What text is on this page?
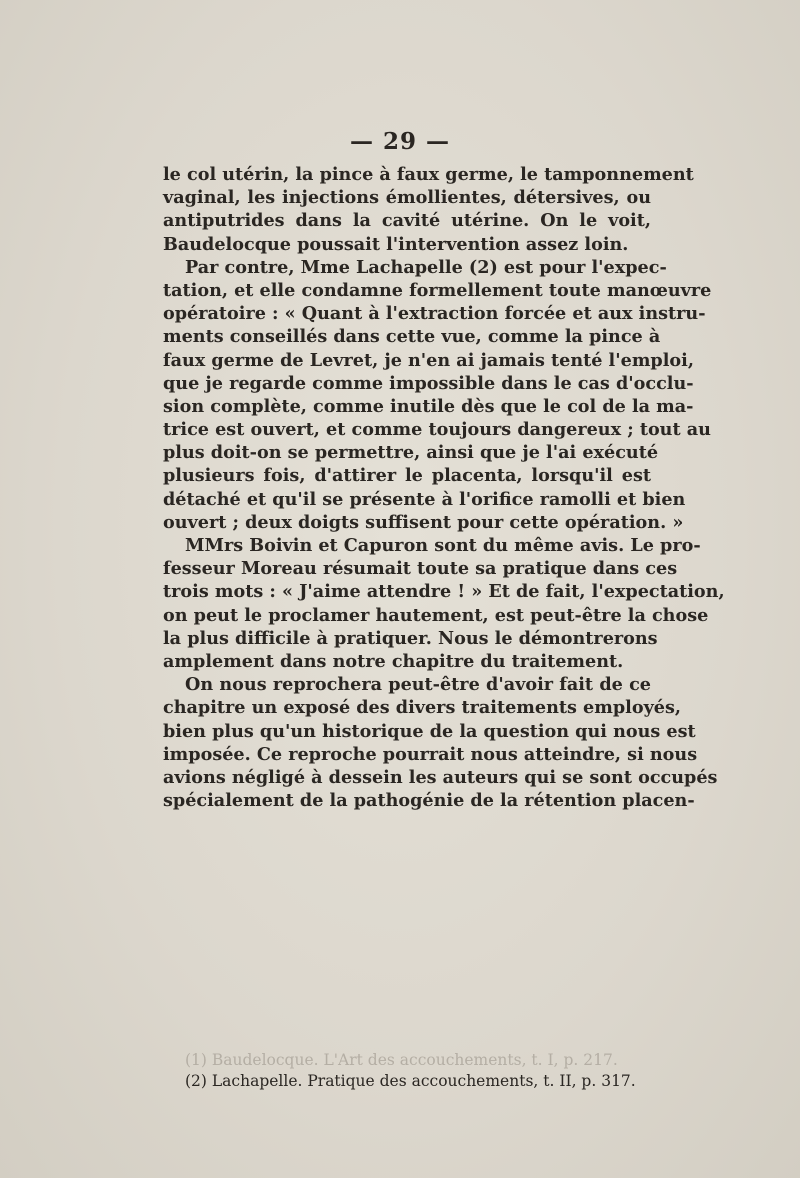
— 29 —
le col utérin, la pince à faux germe, le tamponnement
vaginal, les injections émollientes, détersives, ou
antiputrides dans la cavité utérine. On le voit,
Baudelocque poussait l'intervention assez loin.
Par contre, Mme Lachapelle (2) est pour l'expec-
tation, et elle condamne formellement toute manœuvre
opératoire : « Quant à l'extraction forcée et aux instru-
ments conseillés dans cette vue, comme la pince à
faux germe de Levret, je n'en ai jamais tenté l'emploi,
que je regarde comme impossible dans le cas d'occlu-
sion complète, comme inutile dès que le col de la ma-
trice est ouvert, et comme toujours dangereux ; tout au
plus doit-on se permettre, ainsi que je l'ai exécuté
plusieurs fois, d'attirer le placenta, lorsqu'il est
détaché et qu'il se présente à l'orifice ramolli et bien
ouvert ; deux doigts suffisent pour cette opération. »
MMrs Boivin et Capuron sont du même avis. Le pro-
fesseur Moreau résumait toute sa pratique dans ces
trois mots : « J'aime attendre ! » Et de fait, l'expectation,
on peut le proclamer hautement, est peut-être la chose
la plus difficile à pratiquer. Nous le démontrerons
amplement dans notre chapitre du traitement.
On nous reprochera peut-être d'avoir fait de ce
chapitre un exposé des divers traitements employés,
bien plus qu'un historique de la question qui nous est
imposée. Ce reproche pourrait nous atteindre, si nous
avions négligé à dessein les auteurs qui se sont occupés
spécialement de la pathogénie de la rétention placen-
(1) Baudelocque. L'Art des accouchements, t. I, p. 217.
(2) Lachapelle. Pratique des accouchements, t. II, p. 317.
